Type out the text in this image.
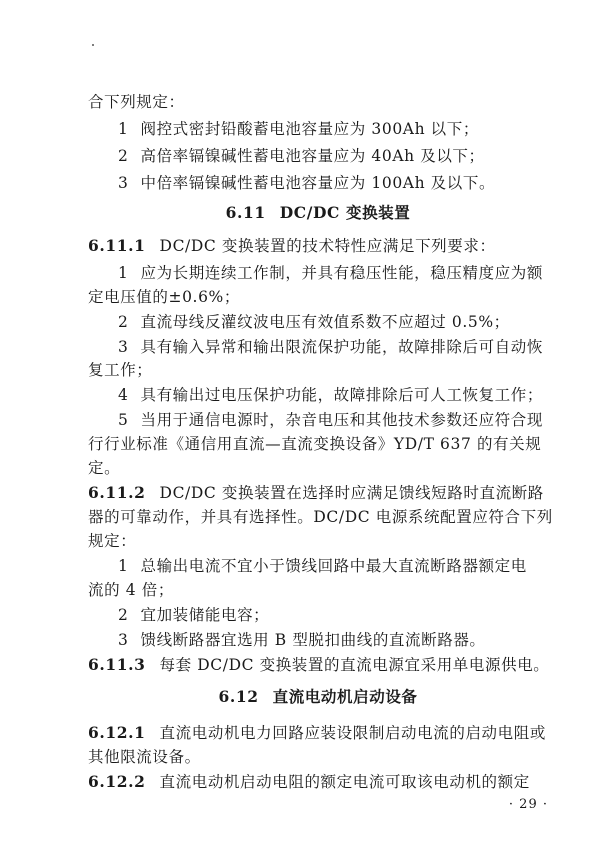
合下列规定：
1 阀控式密封铅酸蓄电池容量应为 300Ah 以下；
2 高倍率镉镍碱性蓄电池容量应为 40Ah 及以下；
3 中倍率镉镍碱性蓄电池容量应为 100Ah 及以下。
6.11 DC/DC 变换装置
6.11.1 DC/DC 变换装置的技术特性应满足下列要求：
1 应为长期连续工作制，并具有稳压性能，稳压精度应为额
定电压值的±0.6%；
2 直流母线反灌纹波电压有效值系数不应超过 0.5%；
3 具有输入异常和输出限流保护功能，故障排除后可自动恢
复工作；
4 具有输出过电压保护功能，故障排除后可人工恢复工作；
5 当用于通信电源时，杂音电压和其他技术参数还应符合现
行行业标准《通信用直流—直流变换设备》YD/T 637 的有关规
定。
6.11.2 DC/DC 变换装置在选择时应满足馈线短路时直流断路
器的可靠动作，并具有选择性。DC/DC 电源系统配置应符合下列
规定：
1 总输出电流不宜小于馈线回路中最大直流断路器额定电
流的 4 倍；
2 宜加装储能电容；
3 馈线断路器宜选用 B 型脱扣曲线的直流断路器。
6.11.3 每套 DC/DC 变换装置的直流电源宜采用单电源供电。
6.12 直流电动机启动设备
6.12.1 直流电动机电力回路应装设限制启动电流的启动电阻或
其他限流设备。
6.12.2 直流电动机启动电阻的额定电流可取该电动机的额定
· 29 ·
